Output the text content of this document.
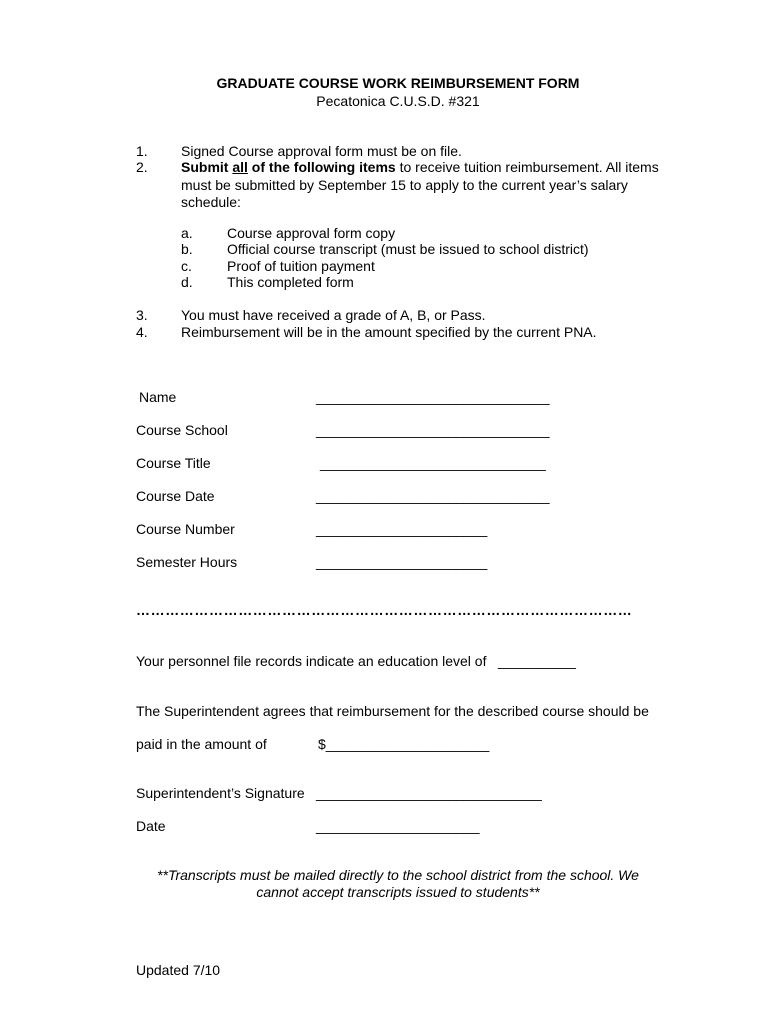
GRADUATE COURSE WORK REIMBURSEMENT FORM
Pecatonica C.U.S.D. #321
1. Signed Course approval form must be on file.
2. Submit all of the following items to receive tuition reimbursement. All items
must be submitted by September 15 to apply to the current year’s salary
schedule:
a. Course approval form copy
b. Official course transcript (must be issued to school district)
c.	Proof of tuition payment
d. This completed form
3. You must have received a grade of A, B, or Pass.
4. Reimbursement will be in the amount specified by the current PNA.
Name	______________________________
Course School	______________________________
Course Title	_____________________________
Course Date	______________________________
Course Number	______________________
Semester Hours	______________________
…………………………………………………………………………………………
Your personnel file records indicate an education level of __________
The Superintendent agrees that reimbursement for the described course should be
paid in the amount of	$_____________________
Superintendent’s Signature _____________________________
Date	_____________________
**Transcripts must be mailed directly to the school district from the school. We
cannot accept transcripts issued to students**
Updated 7/10
